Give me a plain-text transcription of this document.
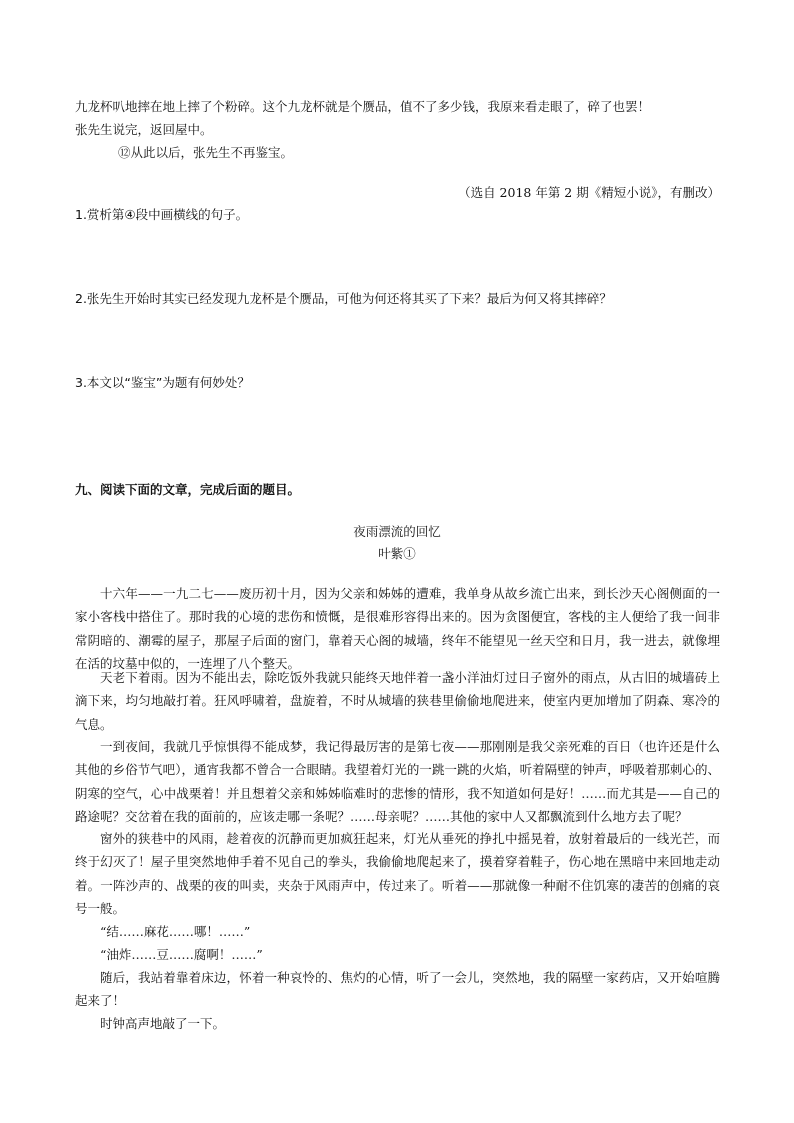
九龙杯叭地摔在地上摔了个粉碎。这个九龙杯就是个赝品，值不了多少钱，我原来看走眼了，碎了也罢！
张先生说完，返回屋中。
⑫从此以后，张先生不再鉴宝。
（选自 2018 年第 2 期《精短小说》，有删改）
1.赏析第④段中画横线的句子。
2.张先生开始时其实已经发现九龙杯是个赝品，可他为何还将其买了下来？最后为何又将其摔碎？
3.本文以“鉴宝”为题有何妙处？
九、阅读下面的文章，完成后面的题目。
夜雨漂流的回忆
叶紫①
十六年——一九二七——废历初十月，因为父亲和姊姊的遭难，我单身从故乡流亡出来，到长沙天心阁侧面的一家小客栈中搭住了。那时我的心境的悲伤和愤慨，是很难形容得出来的。因为贪图便宜，客栈的主人便给了我一间非常阴暗的、潮霉的屋子，那屋子后面的窗门，靠着天心阁的城墙，终年不能望见一丝天空和日月，我一进去，就像埋在活的坟墓中似的，一连埋了八个整天。
天老下着雨。因为不能出去，除吃饭外我就只能终天地伴着一盏小洋油灯过日子窗外的雨点，从古旧的城墙砖上滴下来，均匀地敲打着。狂风呼啸着，盘旋着，不时从城墙的狭巷里偷偷地爬进来，使室内更加增加了阴森、寒冷的气息。
一到夜间，我就几乎惊惧得不能成梦，我记得最厉害的是第七夜——那刚刚是我父亲死难的百日（也许还是什么其他的乡俗节气吧），通宵我都不曾合一合眼睛。我望着灯光的一跳一跳的火焰，听着隔壁的钟声，呼吸着那刺心的、阴寒的空气，心中战栗着！并且想着父亲和姊姊临难时的悲惨的情形，我不知道如何是好！……而尤其是——自己的路途呢？交岔着在我的面前的，应该走哪一条呢？……母亲呢？……其他的家中人又都飘流到什么地方去了呢？
窗外的狭巷中的风雨，趁着夜的沉静而更加疯狂起来，灯光从垂死的挣扎中摇晃着，放射着最后的一线光芒，而终于幻灭了！屋子里突然地伸手着不见自己的拳头，我偷偷地爬起来了，摸着穿着鞋子，伤心地在黑暗中来回地走动着。一阵沙声的、战栗的夜的叫卖，夹杂于风雨声中，传过来了。听着——那就像一种耐不住饥寒的凄苦的创痛的哀号一般。
“结……麻花……哪！……”
“油炸……豆……腐啊！……”
随后，我站着靠着床边，怀着一种哀怜的、焦灼的心情，听了一会儿，突然地，我的隔壁一家药店，又开始喧腾起来了！
时钟高声地敲了一下。
